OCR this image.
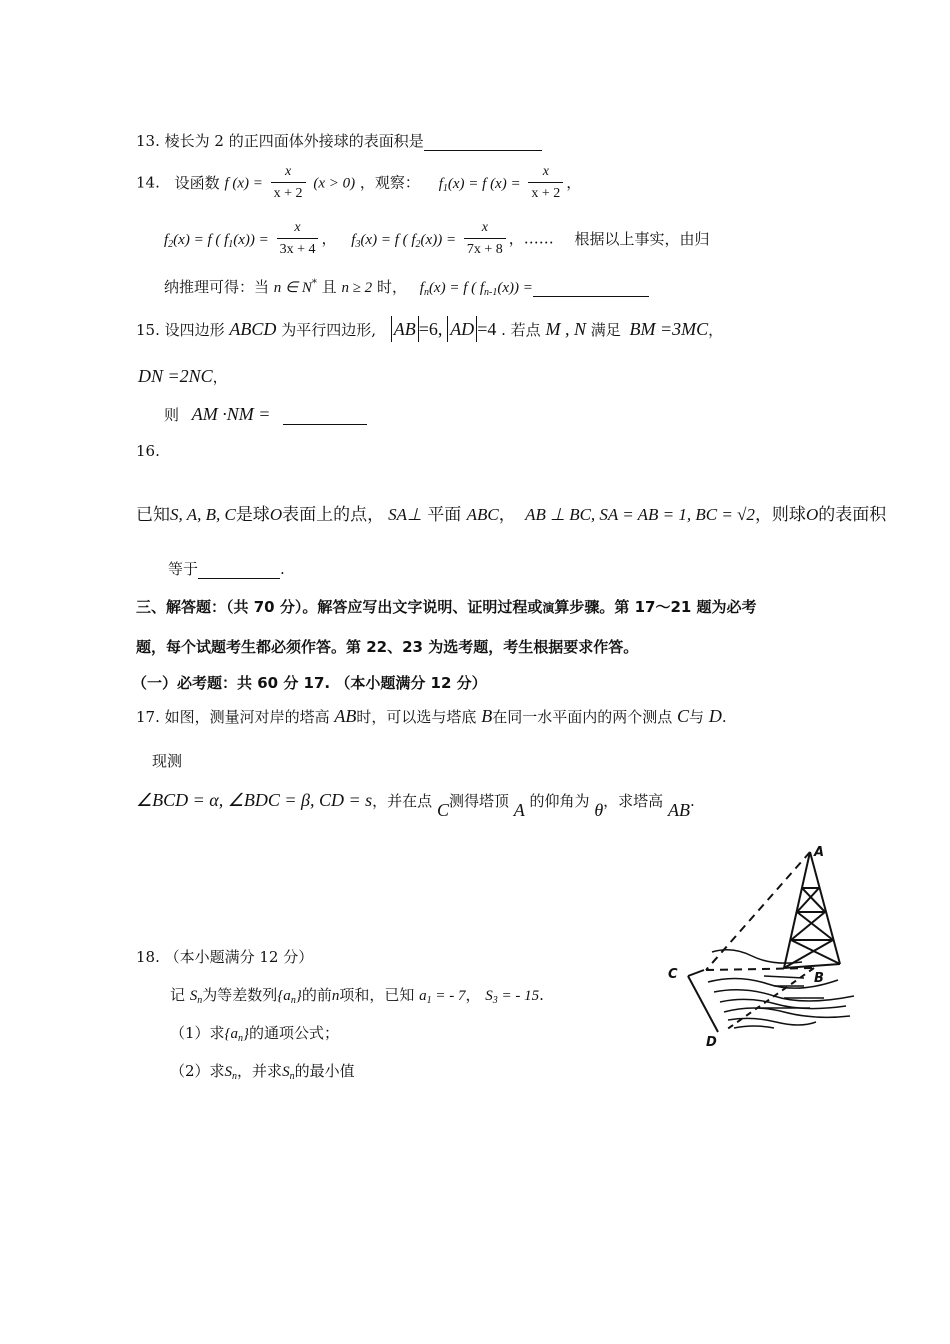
13. 棱长为 2 的正四面体外接球的表面积是
14. 设函数 f $(x) = \frac{x}{x + 2} (x > 0)$ ，观察： $f_1(x) = f$ $(x) = \frac{x}{x + 2}$ ，
$f_2(x) = f$ ( $f_1(x)) = \frac{x}{3x + 4}$ ， $f_3(x) = f$ ( $f_2(x)) = \frac{x}{7x + 8}$ ，…… 根据以上事实，由归
纳推理可得：当 n ∈ N* 且 n ≥ 2 时， $f_n(x) = f$ ( $f_{n-1}(x)$) =
15. 设四边形 ABCD 为平行四边形, AB =6, AD =4 . 若点 M , N 满足 BM =3MC，
DN =2NC，
则 AM ·NM =
16.
已知S, A, B, C是球O表面上的点， SA⊥ 平面 ABC， AB ⊥ BC, SA = AB = 1, BC = √2，则球O的表面积
等于	.
三、解答题：（共 70 分）。解答应写出文字说明、证明过程或演算步骤。第 17～21 题为必考
题，每个试题考生都必须作答。第 22、23 为选考题，考生根据要求作答。
（一）必考题：共 60 分 17. （本小题满分 12 分）
17. 如图，测量河对岸的塔高 AB时，可以选与塔底 B在同一水平面内的两个测点 C与 D.
现测
∠BCD = α, ∠BDC = β, CD = s，并在点 C测得塔顶 A 的仰角为 θ，求塔高 AB.
18. （本小题满分 12 分）
记 $S_n$为等差数列$\{a_n\}$的前n项和，已知 $a_1$ = - 7， $S_3$ = - 15.
（1）求$\{a_n\}$的通项公式；
（2）求$S_n$，并求$S_n$的最小值
A
B
C
D
